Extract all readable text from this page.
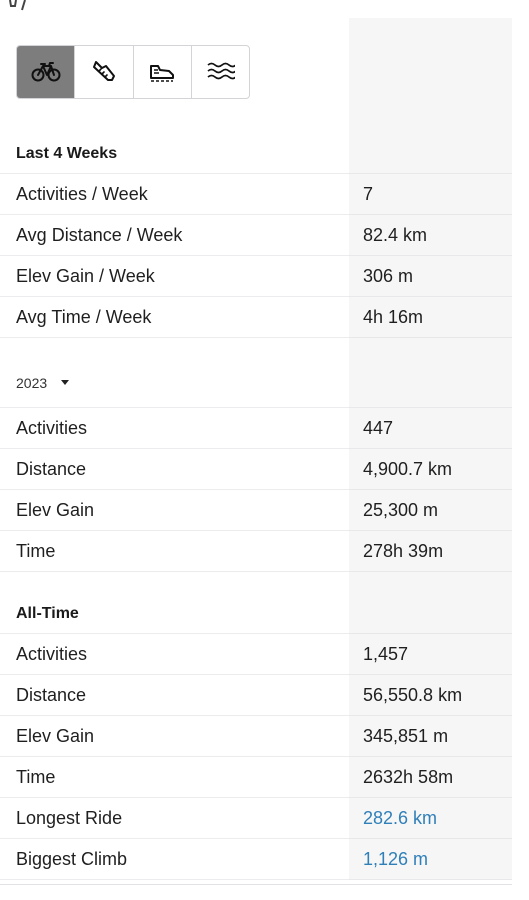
Last 4 Weeks
Activities / Week	7
Avg Distance / Week	82.4 km
Elev Gain / Week	306 m
Avg Time / Week	4h 16m
2023
Activities	447
Distance	4,900.7 km
Elev Gain	25,300 m
Time	278h 39m
All-Time
Activities	1,457
Distance	56,550.8 km
Elev Gain	345,851 m
Time	2632h 58m
Longest Ride	282.6 km
Biggest Climb	1,126 m
